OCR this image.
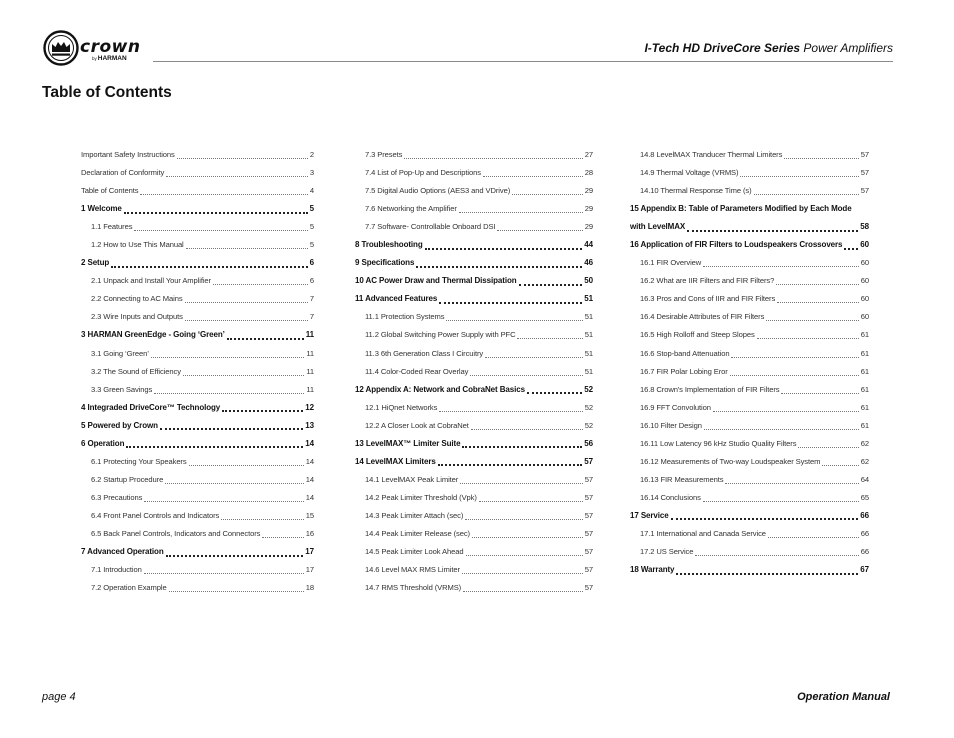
crown
byHARMAN
I-Tech HD DriveCore Series Power Amplifiers
Table of Contents
Important Safety Instructions	2
Declaration of Conformity	3
Table of Contents	4
1 Welcome	5
1.1 Features	5
1.2 How to Use This Manual	5
2 Setup	6
2.1 Unpack and Install Your Amplifier	6
2.2 Connecting to AC Mains	7
2.3 Wire Inputs and Outputs	7
3 HARMAN GreenEdge - Going ‘Green’	11
3.1 Going ‘Green’	11
3.2 The Sound of Efficiency	11
3.3 Green Savings	11
4 Integraded DriveCore™ Technology	12
5 Powered by Crown	13
6 Operation	14
6.1 Protecting Your Speakers	14
6.2 Startup Procedure	14
6.3 Precautions	14
6.4 Front Panel Controls and Indicators	15
6.5 Back Panel Controls, Indicators and Connectors	16
7 Advanced Operation	17
7.1 Introduction	17
7.2 Operation Example	18
7.3 Presets	27
7.4 List of Pop-Up and Descriptions	28
7.5 Digital Audio Options (AES3 and VDrive)	29
7.6 Networking the Amplifier	29
7.7 Software- Controllable Onboard DSI	29
8 Troubleshooting	44
9 Specifications	46
10 AC Power Draw and Thermal Dissipation	50
11 Advanced Features	51
11.1 Protection Systems	51
11.2 Global Switching Power Supply with PFC	51
11.3 6th Generation Class I Circuitry	51
11.4 Color-Coded Rear Overlay	51
12 Appendix A: Network and CobraNet Basics	52
12.1 HiQnet Networks	52
12.2 A Closer Look at CobraNet	52
13 LevelMAX™ Limiter Suite	56
14 LevelMAX Limiters	57
14.1 LevelMAX Peak Limiter	57
14.2 Peak Limiter Threshold (Vpk)	57
14.3 Peak Limiter Attach (sec)	57
14.4 Peak Limiter Release (sec)	57
14.5 Peak Limiter Look Ahead	57
14.6 Level MAX RMS Limiter	57
14.7 RMS Threshold (VRMS)	57
14.8 LevelMAX Tranducer Thermal Limiters	57
14.9 Thermal Voltage (VRMS)	57
14.10 Thermal Response Time (s)	57
15 Appendix B: Table of Parameters Modified by Each Mode
with LevelMAX	58
16 Application of FIR Filters to Loudspeakers Crossovers 60
16.1 FIR Overview	60
16.2 What are IIR Filters and FIR Filters?	60
16.3 Pros and Cons of IIR and FIR Filters	60
16.4 Desirable Attributes of FIR Filters	60
16.5 High Rolloff and Steep Slopes	61
16.6 Stop-band Attenuation	61
16.7 FIR Polar Lobing Eror	61
16.8 Crown's Implementation of FIR Filters	61
16.9 FFT Convolution	61
16.10 Filter Design	61
16.11 Low Latency 96 kHz Studio Quality Filters	62
16.12 Measurements of Two-way Loudspeaker System	62
16.13 FIR Measurements	64
16.14 Conclusions	65
17 Service	66
17.1 International and Canada Service	66
17.2 US Service	66
18 Warranty	67
page 4	Operation Manual
